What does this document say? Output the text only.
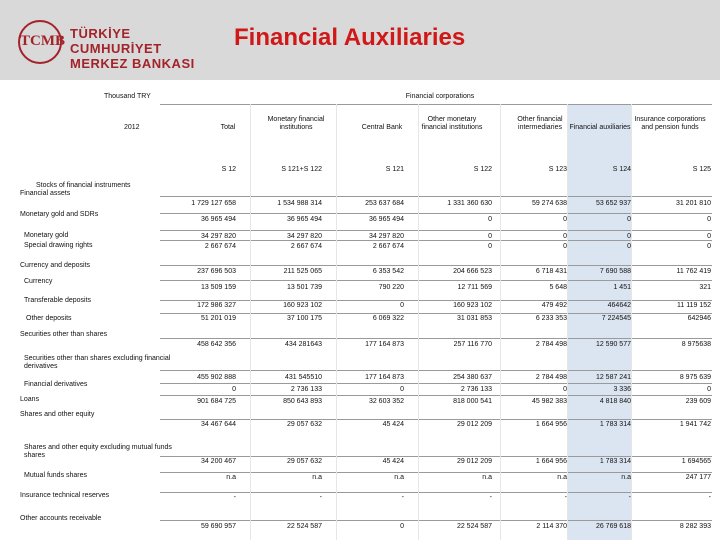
TCMB TÜRKİYE CUMHURİYET
MERKEZ BANKASI
Financial Auxiliaries
Thousand TRY	Financial corporations
2012	Total
S 12
Monetary financial institutions
S 121+S 122
Central Bank
S 121
Other monetary financial institutions
S 122
Other financial intermediaries
S 123
Financial auxiliaries
S 124
Insurance corporations and pension funds
S 125
Stocks of financial instruments
Financial assets
1 729 127 658	1 534 988 314	253 637 684	1 331 360 630	59 274 638	53 652 937	31 201 810
Monetary gold and SDRs
36 965 494	36 965 494	36 965 494	0	0	0	0
Monetary gold	34 297 820	34 297 820	34 297 820	0	0	0	0
Special drawing rights	2 667 674	2 667 674	2 667 674	0	0	0	0
Currency and deposits
237 696 503	211 525 065	6 353 542	204 666 523	6 718 431	7 690 588	11 762 419
Currency
13 509 159	13 501 739	790 220	12 711 569	5 648	1 451	321
Transferable deposits
172 986 327	160 923 102	0	160 923 102	479 492	464642	11 119 152
Other deposits	51 201 019	37 100 175	6 069 322	31 031 853	6 233 353	7 224545	642946
Securities other than shares
458 642 356	434 281643	177 164 873	257 116 770	2 784 498	12 590 577	8 975638
Securities other than shares excluding financial derivatives
455 902 888	431 545510	177 164 873	254 380 637	2 784 498	12 587 241	8 975 639
Financial derivatives
0	2 736 133	0	2 736 133	0	3 336	0
Loans	901 684 725	850 643 893	32 603 352	818 000 541	45 982 383	4 818 840	239 609
Shares and other equity
34 467 644	29 057 632	45 424	29 012 209	1 664 956	1 783 314	1 941 742
Shares and other equity excluding mutual funds shares
34 200 467	29 057 632	45 424	29 012 209	1 664 956	1 783 314	1 694565
Mutual funds shares	n.a	n.a	n.a	n.a	n.a	n.a	247 177
Insurance technical reserves	-	-	-	-	-	-	-
Other accounts receivable
59 690 957	22 524 587	0	22 524 587	2 114 370	26 769 618	8 282 393
